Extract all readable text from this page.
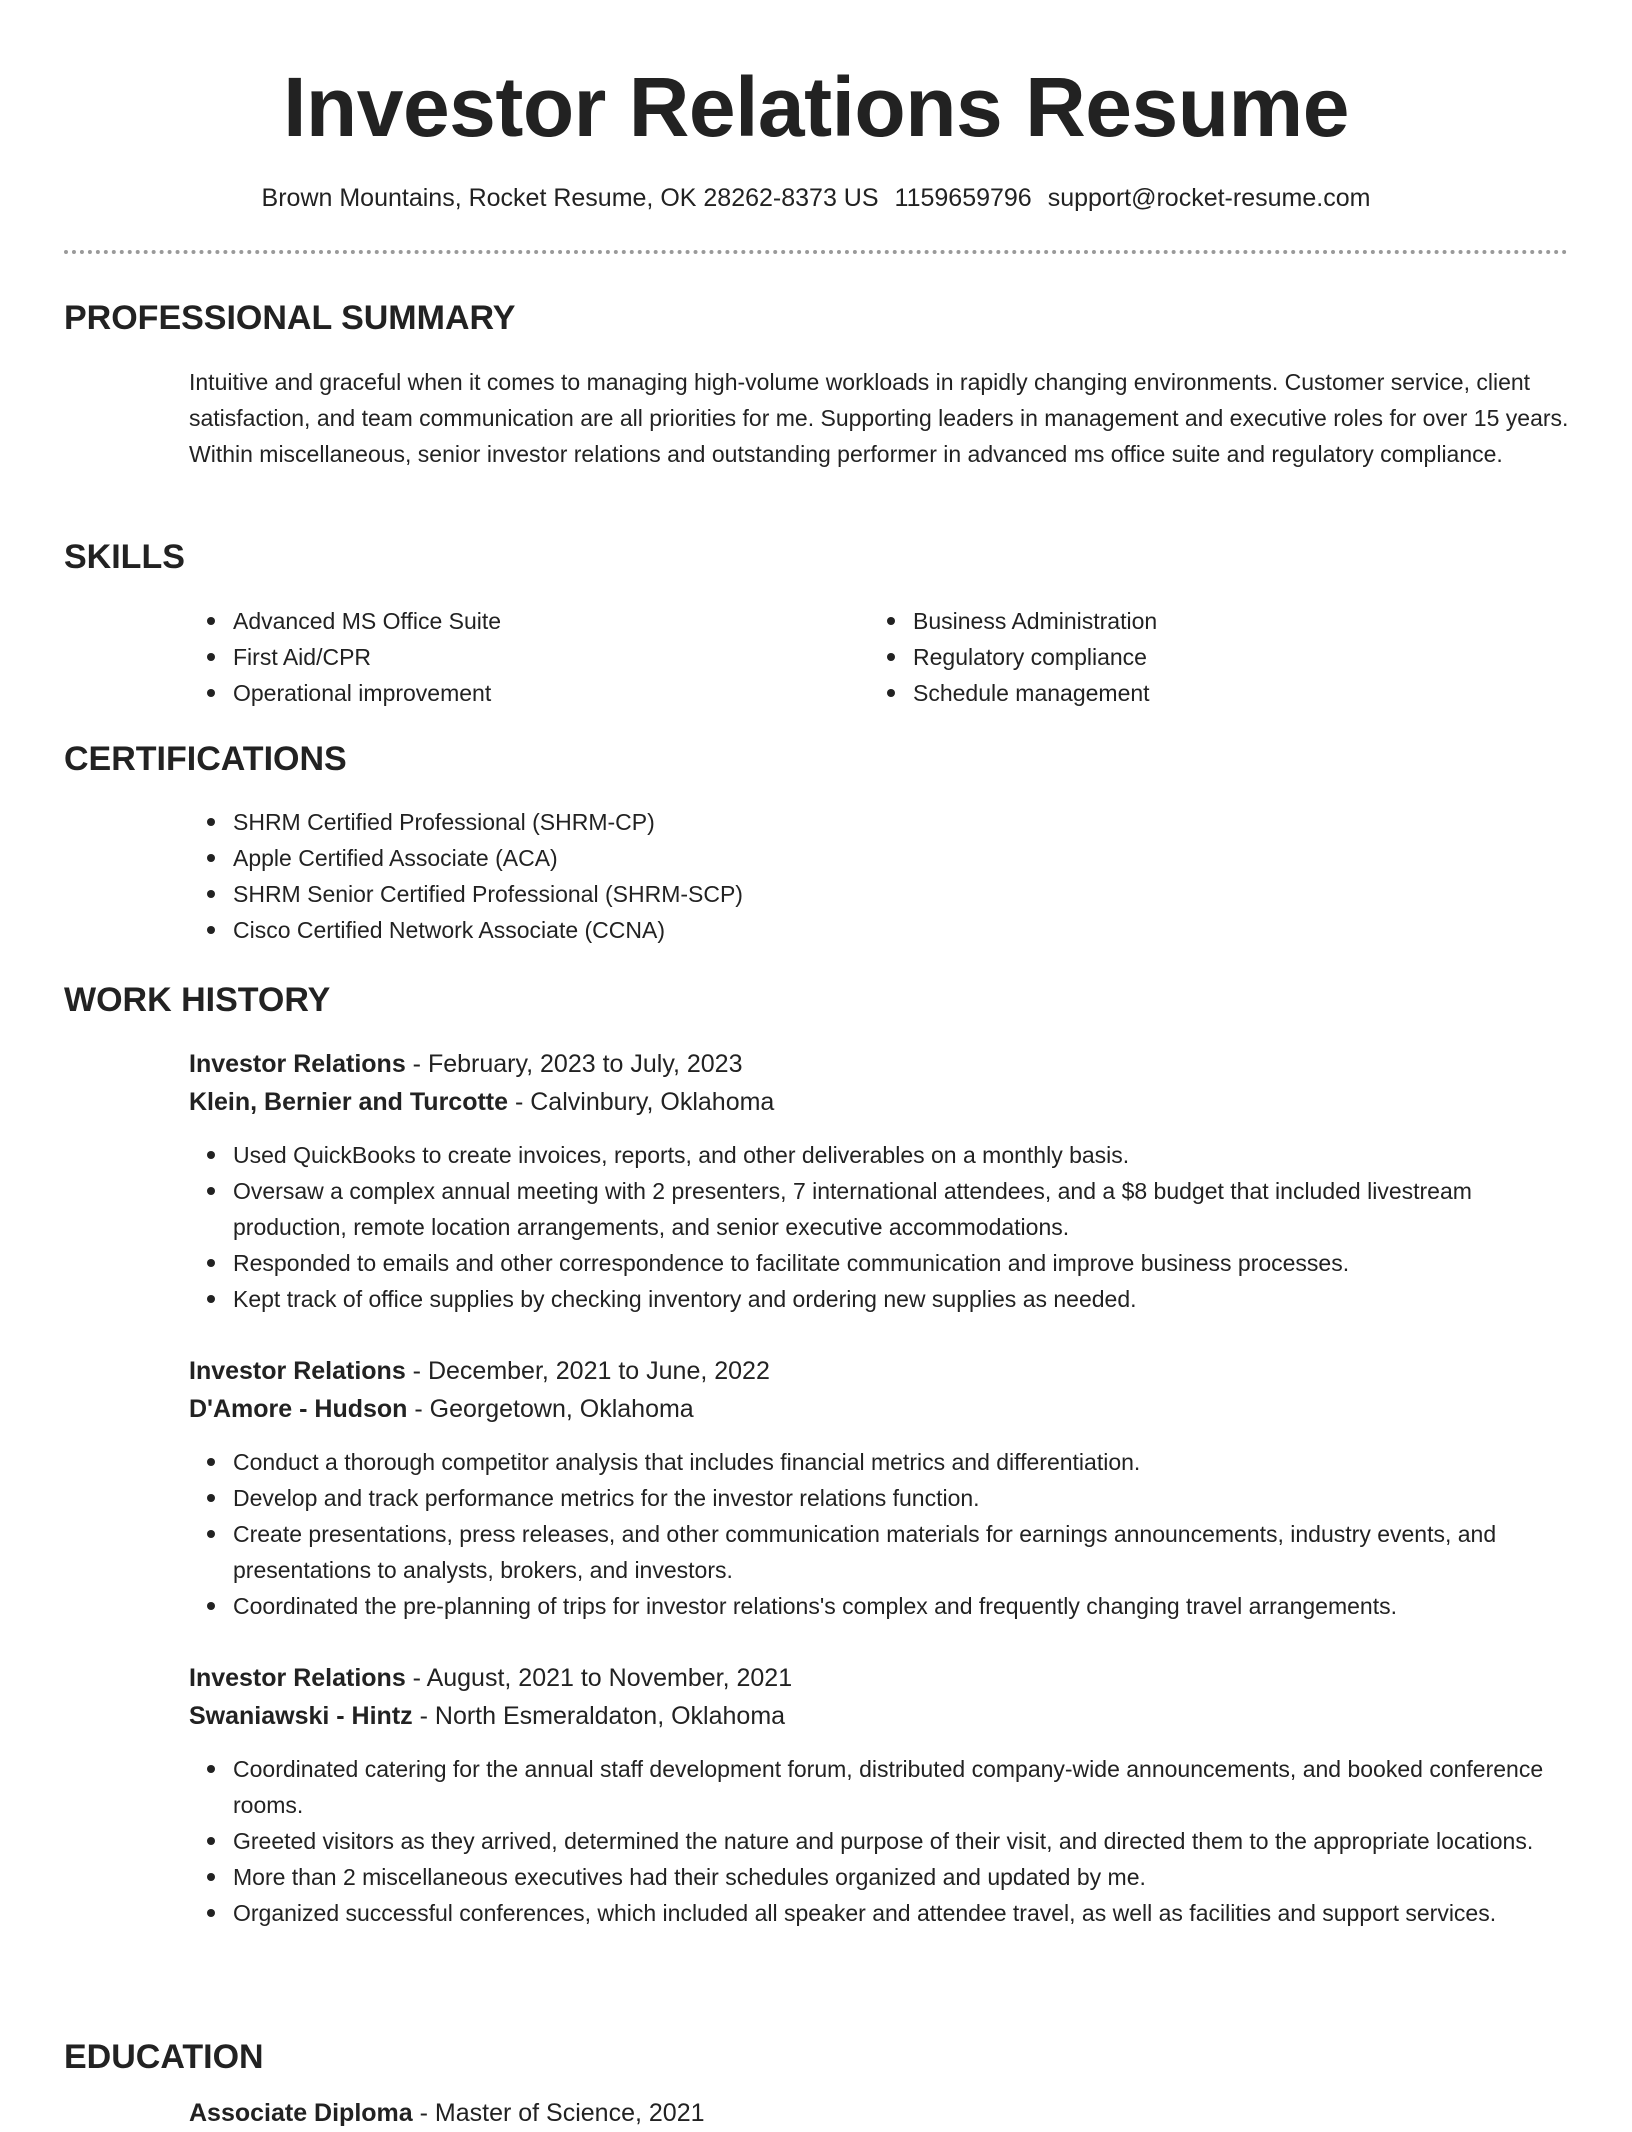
Investor Relations Resume
Brown Mountains, Rocket Resume, OK 28262-8373 US 1159659796 support@rocket-resume.com
PROFESSIONAL SUMMARY

Intuitive and graceful when it comes to managing high-volume workloads in rapidly changing environments. Customer service, client satisfaction, and team communication are all priorities for me. Supporting leaders in management and executive roles for over 15 years. Within miscellaneous, senior investor relations and outstanding performer in advanced ms office suite and regulatory compliance.

SKILLS
Advanced MS Office Suite
First Aid/CPR
Operational improvement
Business Administration
Regulatory compliance
Schedule management
CERTIFICATIONS
SHRM Certified Professional (SHRM-CP)
Apple Certified Associate (ACA)
SHRM Senior Certified Professional (SHRM-SCP)
Cisco Certified Network Associate (CCNA)
WORK HISTORY
Investor Relations - February, 2023 to July, 2023
Klein, Bernier and Turcotte - Calvinbury, Oklahoma
Used QuickBooks to create invoices, reports, and other deliverables on a monthly basis.
Oversaw a complex annual meeting with 2 presenters, 7 international attendees, and a $8 budget that included livestream production, remote location arrangements, and senior executive accommodations.
Responded to emails and other correspondence to facilitate communication and improve business processes.
Kept track of office supplies by checking inventory and ordering new supplies as needed.
Investor Relations - December, 2021 to June, 2022
D'Amore - Hudson - Georgetown, Oklahoma
Conduct a thorough competitor analysis that includes financial metrics and differentiation.
Develop and track performance metrics for the investor relations function.
Create presentations, press releases, and other communication materials for earnings announcements, industry events, and presentations to analysts, brokers, and investors.
Coordinated the pre-planning of trips for investor relations's complex and frequently changing travel arrangements.
Investor Relations - August, 2021 to November, 2021
Swaniawski - Hintz - North Esmeraldaton, Oklahoma
Coordinated catering for the annual staff development forum, distributed company-wide announcements, and booked conference rooms.
Greeted visitors as they arrived, determined the nature and purpose of their visit, and directed them to the appropriate locations.
More than 2 miscellaneous executives had their schedules organized and updated by me.
Organized successful conferences, which included all speaker and attendee travel, as well as facilities and support services.
EDUCATION
Associate Diploma - Master of Science, 2021
